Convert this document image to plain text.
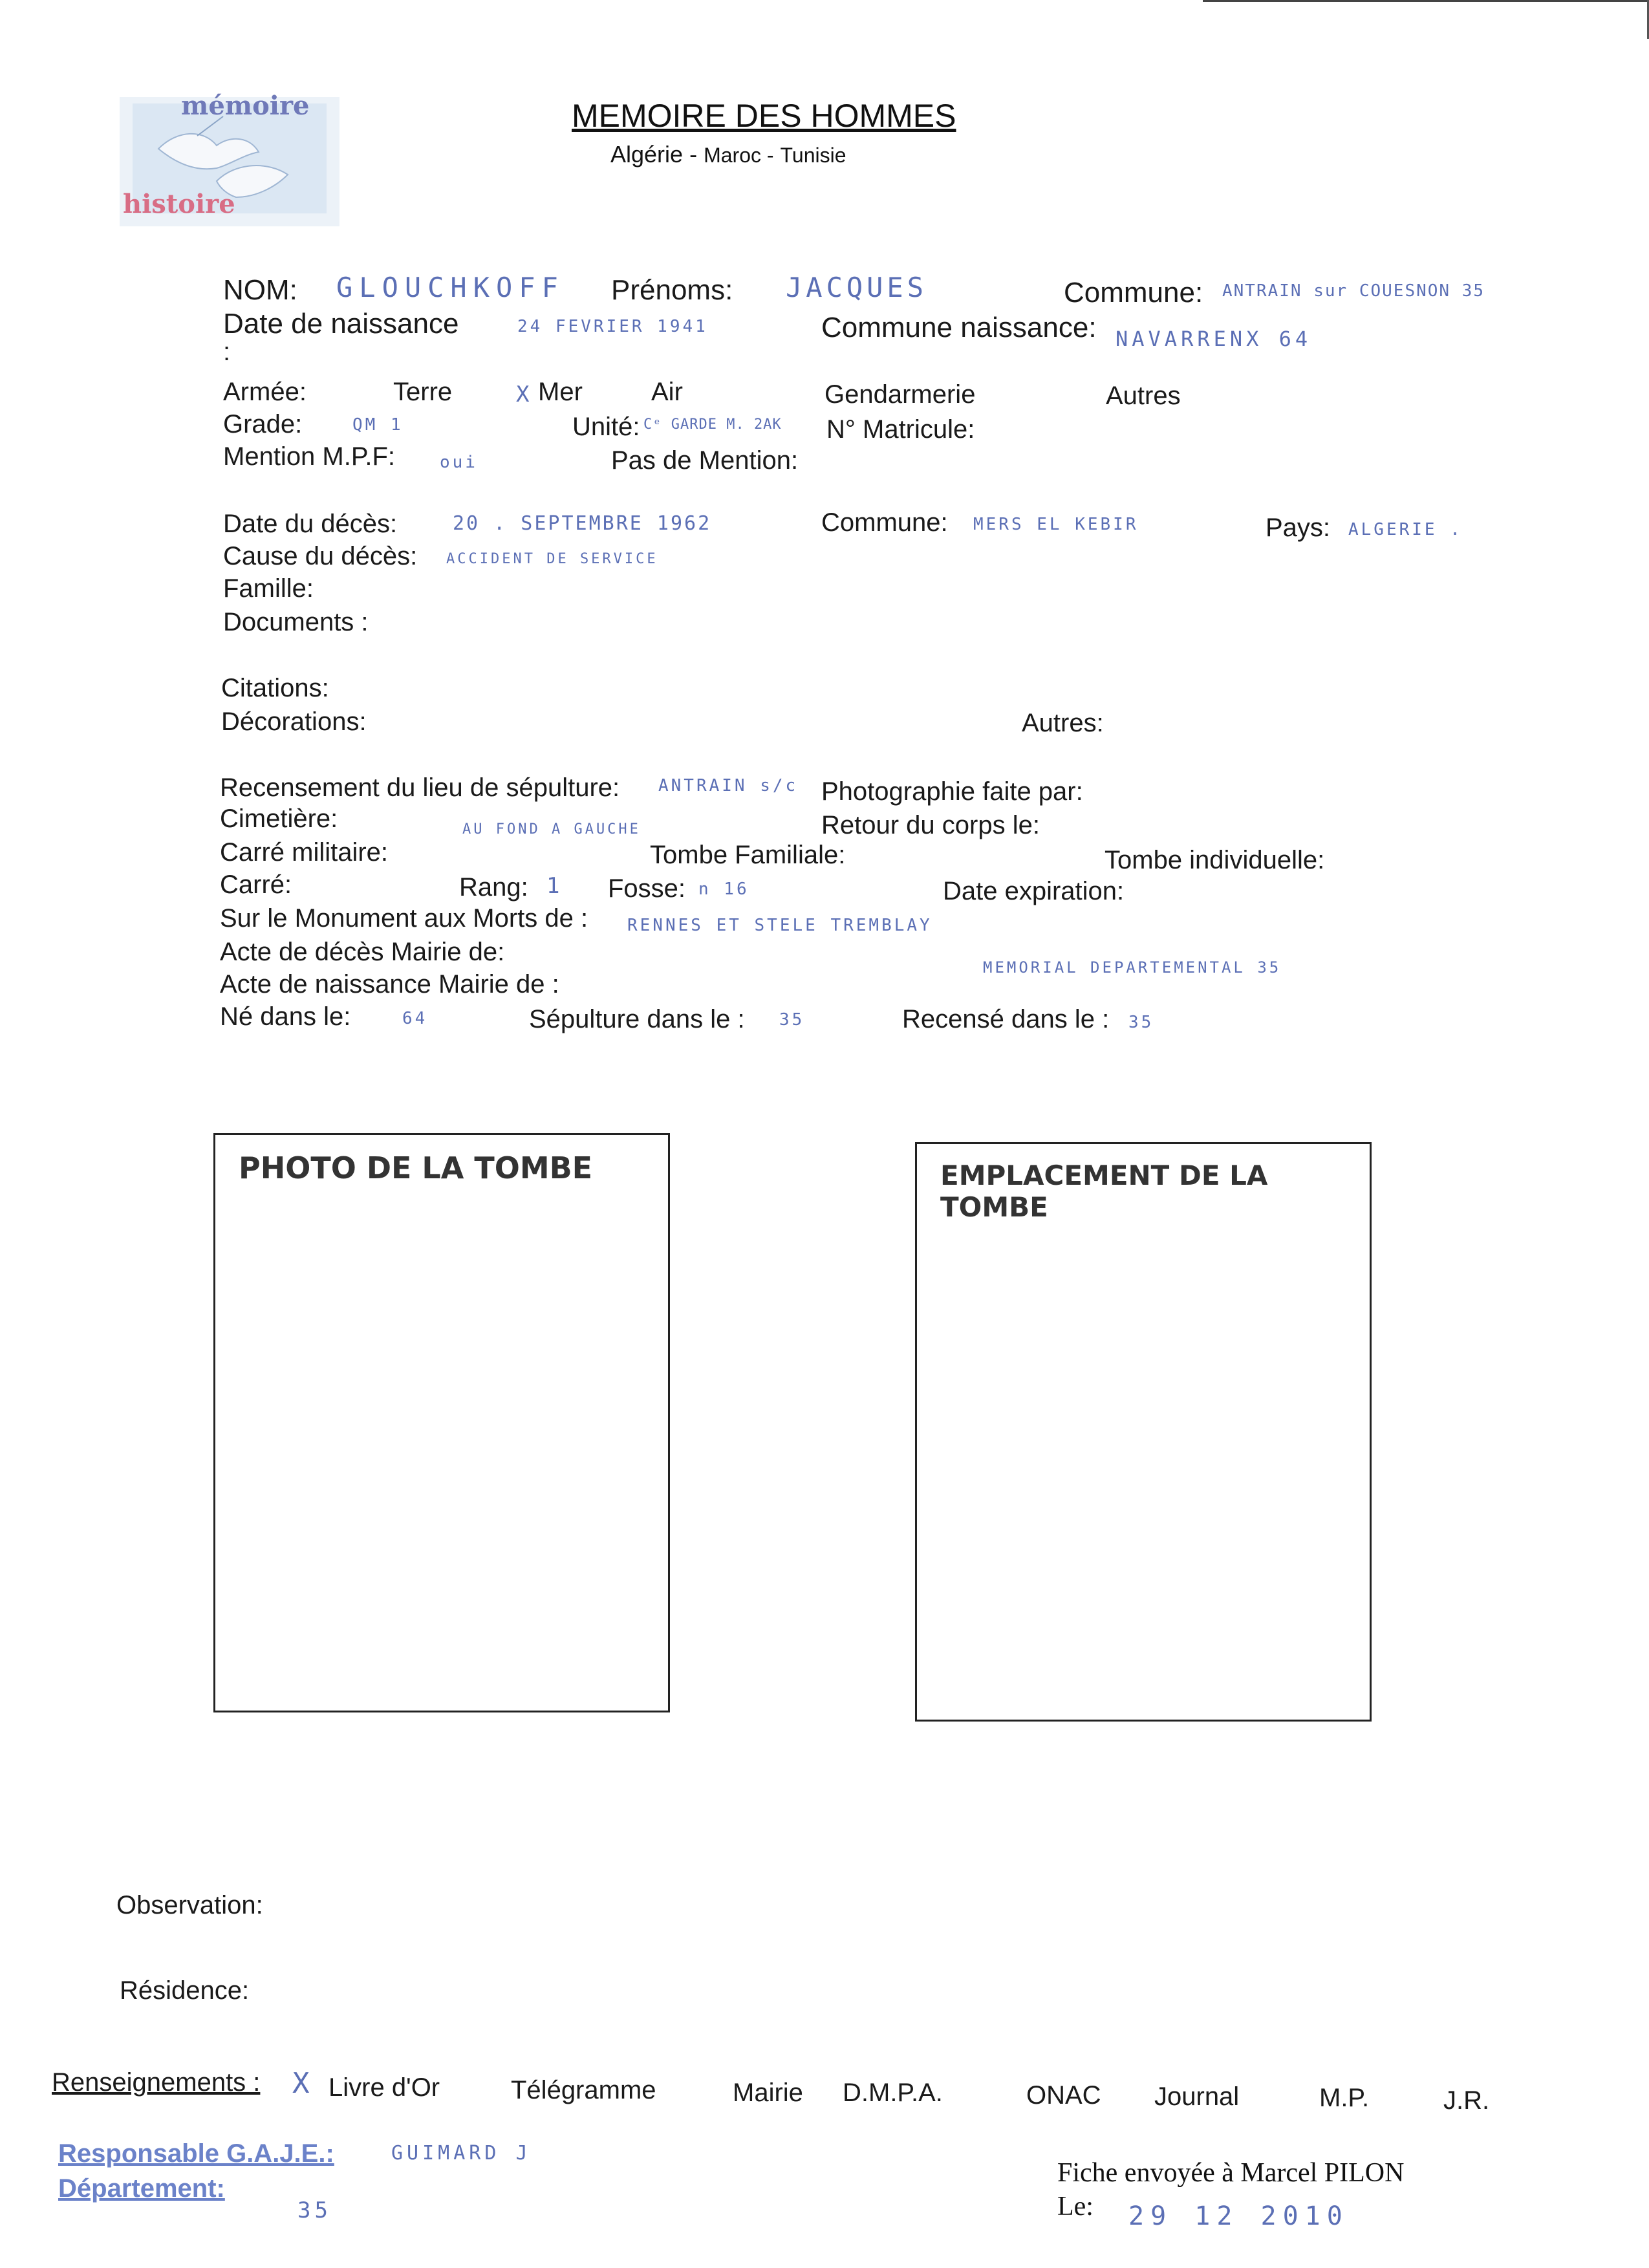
mémoire
histoire
MEMOIRE DES HOMMES
Algérie - Maroc - Tunisie
NOM: GLOUCHKOFF Prénoms: JACQUES	Commune: ANTRAIN sur COUESNON 35
Date de naissance
:
24 FEVRIER 1941	Commune naissance: NAVARRENX 64
Armée:	Terre	X Mer	Air	Gendarmerie	Autres
Grade:	QM 1	Unité: Cᵉ GARDE M. 2AK N° Matricule:
Mention M.P.F:	oui	Pas de Mention:
Date du décès:	20 . SEPTEMBRE 1962	Commune: MERS EL KEBIR	Pays: ALGERIE .
Cause du décès: ACCIDENT DE SERVICE
Famille:
Documents :
Citations:
Décorations:	Autres:
Recensement du lieu de sépulture: ANTRAIN s/c Photographie faite par:
Cimetière:	AU FOND A GAUCHE	Retour du corps le:
Carré militaire:	Tombe Familiale:	Tombe individuelle:
Carré:	Rang: 1 Fosse: n 16	Date expiration:
Sur le Monument aux Morts de : RENNES ET STELE TREMBLAY
Acte de décès Mairie de:
MEMORIAL DEPARTEMENTAL 35
Acte de naissance Mairie de :
Né dans le:	64	Sépulture dans le : 35	Recensé dans le : 35
PHOTO DE LA TOMBE	EMPLACEMENT DE LA TOMBE
Observation:
Résidence:
Renseignements : X Livre d'Or	Télégramme	Mairie D.M.P.A.	ONAC Journal	M.P.	J.R.
Responsable G.A.J.E.:	GUIMARD J
Département:
35
Fiche envoyée à Marcel PILON
Le: 29 12 2010
